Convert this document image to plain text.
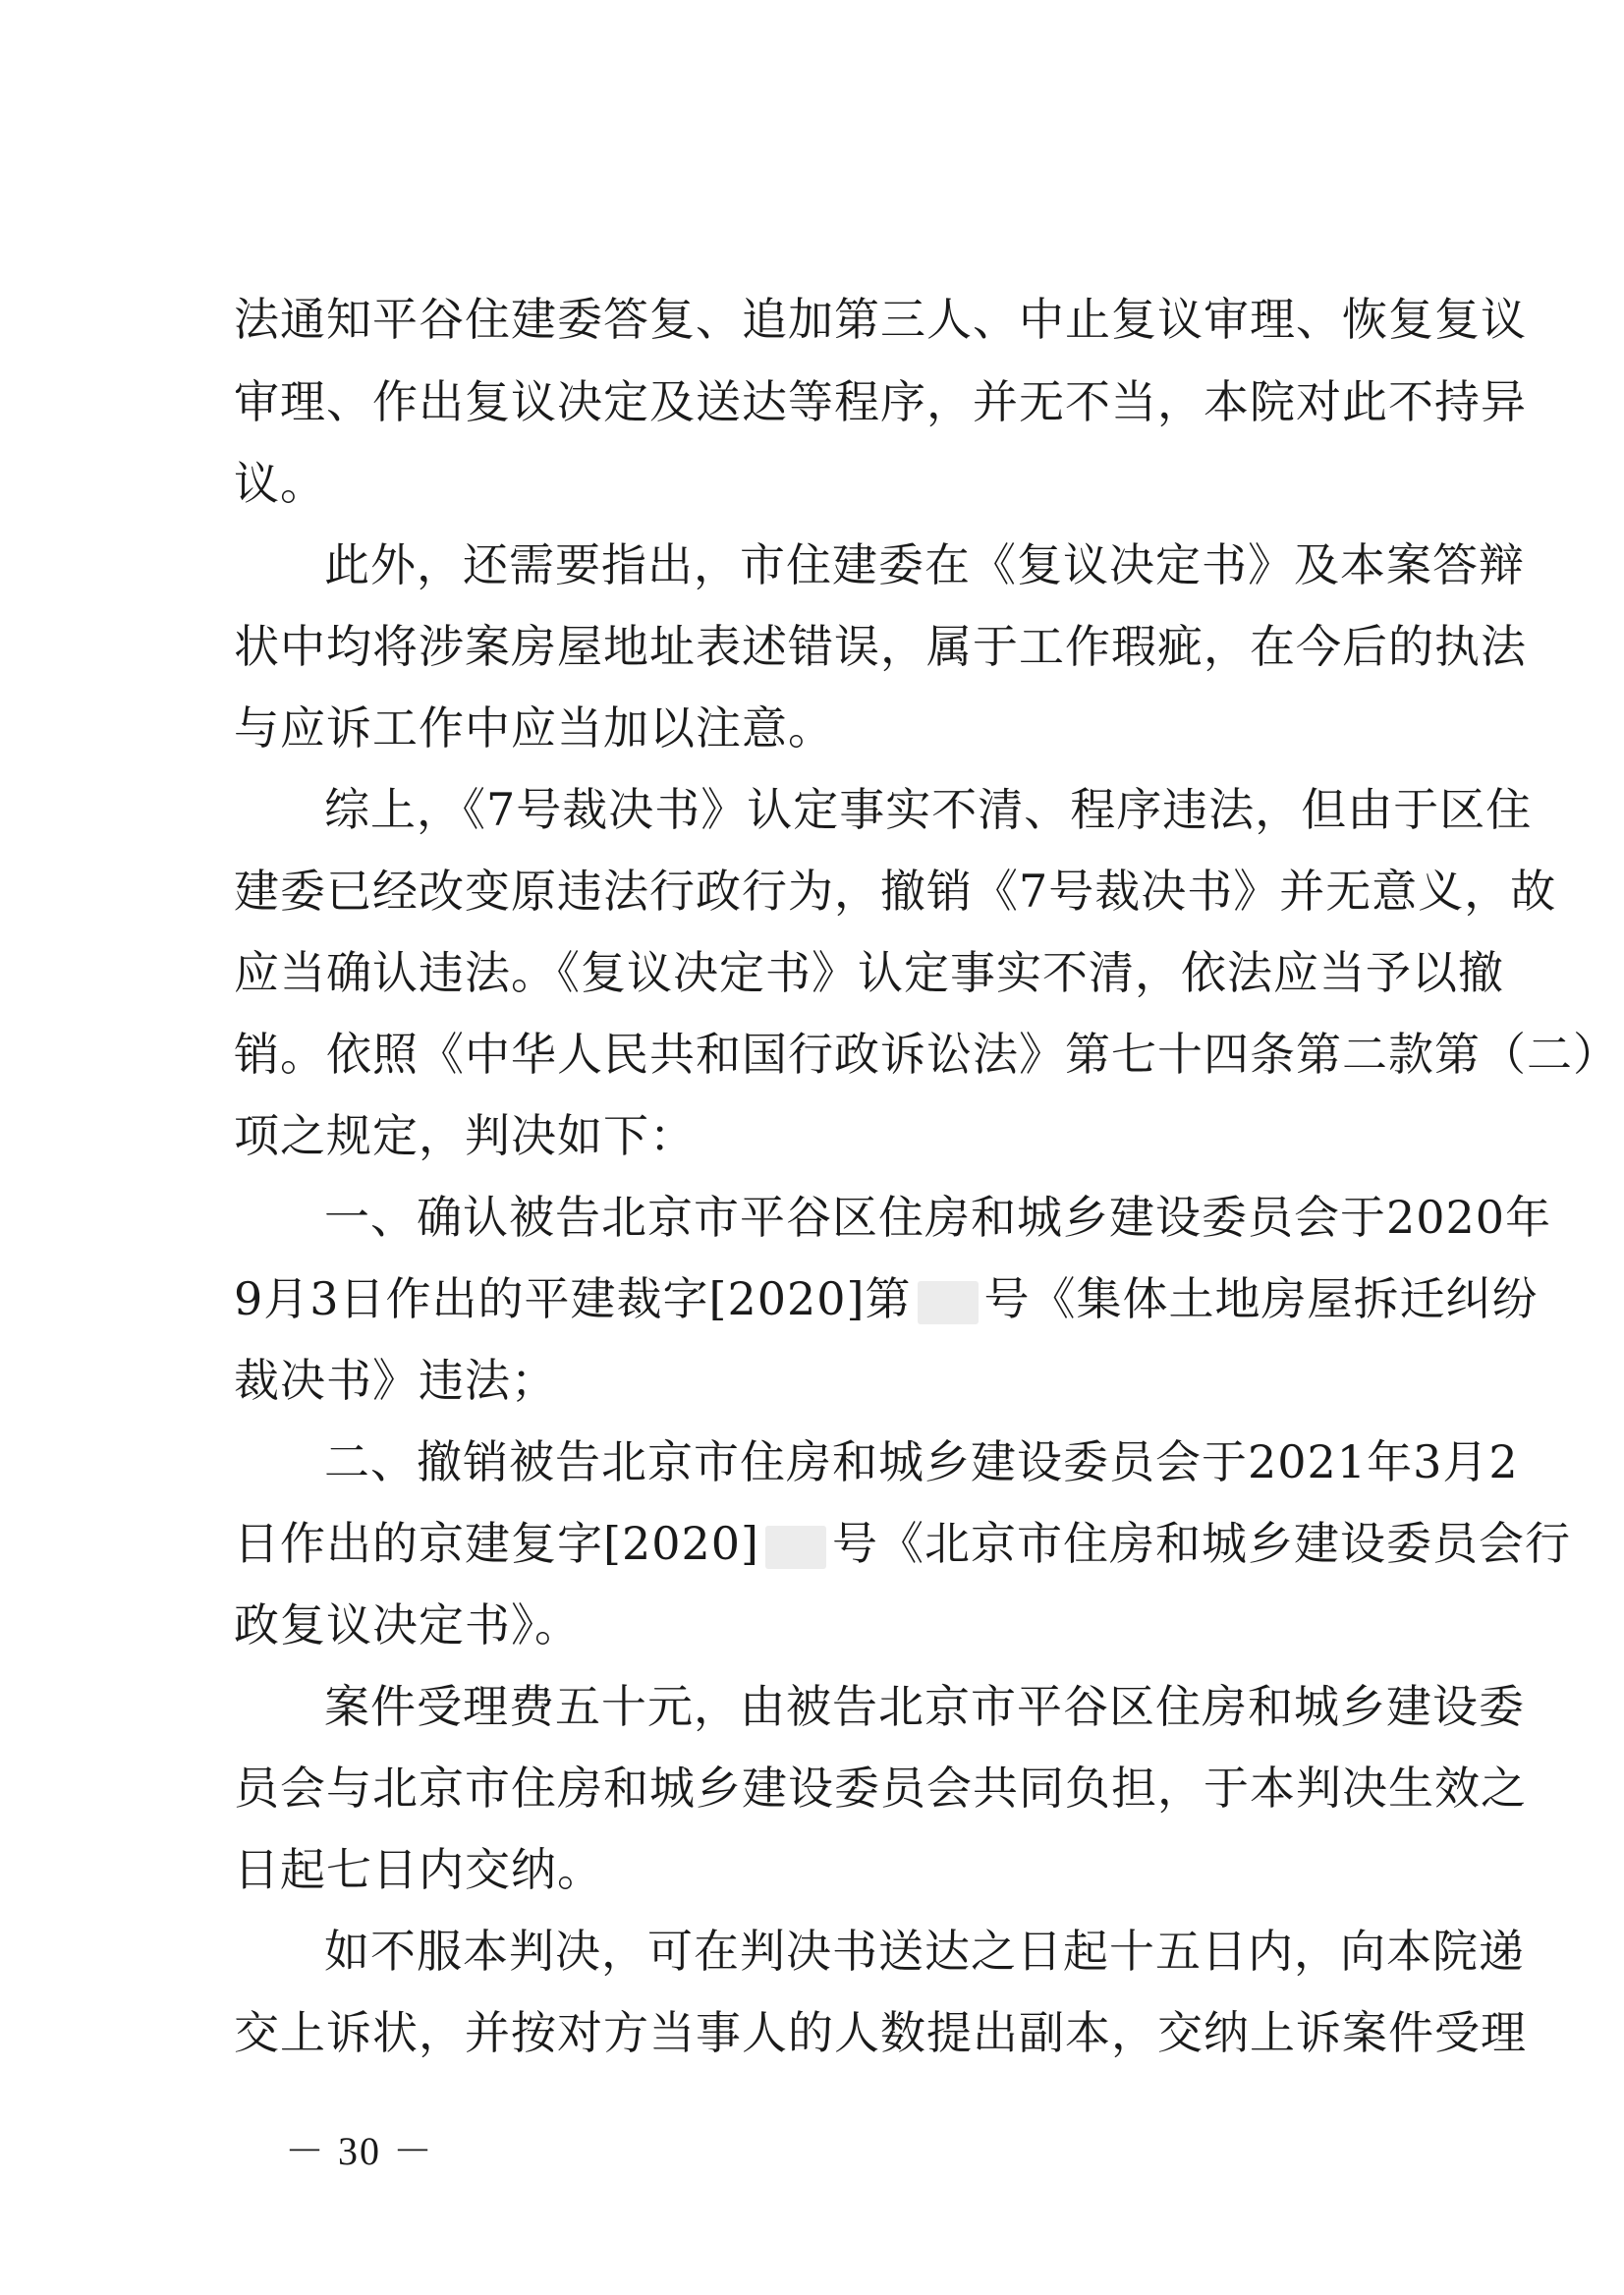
法通知平谷住建委答复、追加第三人、中止复议审理、恢复复议
审理、作出复议决定及送达等程序，并无不当，本院对此不持异
议。
此外，还需要指出，市住建委在《复议决定书》及本案答辩
状中均将涉案房屋地址表述错误，属于工作瑕疵，在今后的执法
与应诉工作中应当加以注意。
综上，《7号裁决书》认定事实不清、程序违法，但由于区住
建委已经改变原违法行政行为，撤销《7号裁决书》并无意义，故
应当确认违法。《复议决定书》认定事实不清，依法应当予以撤
销。依照《中华人民共和国行政诉讼法》第七十四条第二款第（二）
项之规定，判决如下：
一、确认被告北京市平谷区住房和城乡建设委员会于2020年
9月3日作出的平建裁字[2020]第 号《集体土地房屋拆迁纠纷
裁决书》违法；
二、撤销被告北京市住房和城乡建设委员会于2021年3月2
日作出的京建复字[2020] 号《北京市住房和城乡建设委员会行
政复议决定书》。
案件受理费五十元，由被告北京市平谷区住房和城乡建设委
员会与北京市住房和城乡建设委员会共同负担，于本判决生效之
日起七日内交纳。
如不服本判决，可在判决书送达之日起十五日内，向本院递
交上诉状，并按对方当事人的人数提出副本，交纳上诉案件受理
－ 30 －
